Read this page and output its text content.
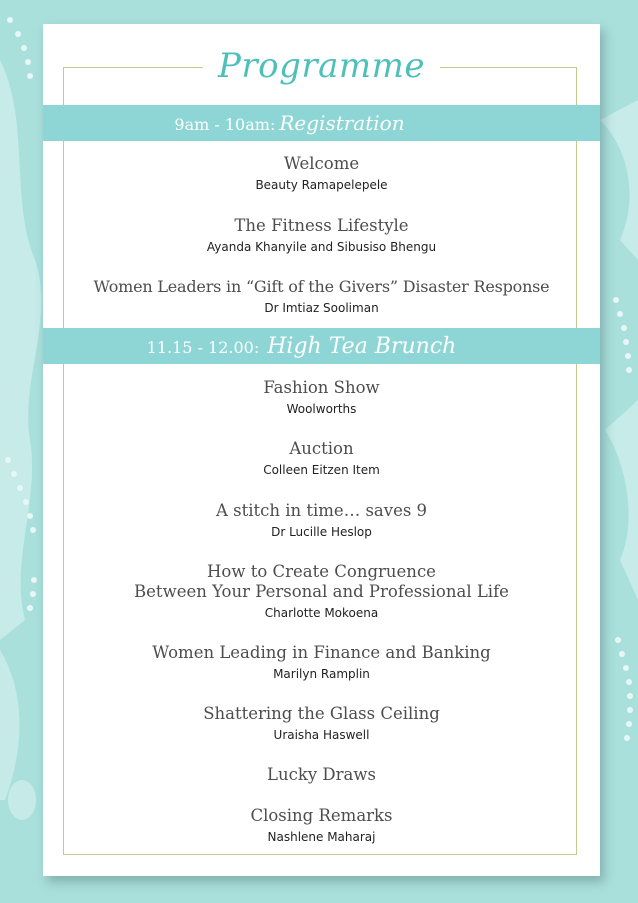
Programme
9am - 10am: Registration
Welcome
Beauty Ramapelepele
The Fitness Lifestyle
Ayanda Khanyile and Sibusiso Bhengu
Women Leaders in “Gift of the Givers” Disaster Response
Dr Imtiaz Sooliman
11.15 - 12.00: High Tea Brunch
Fashion Show
Woolworths
Auction
Colleen Eitzen Item
A stitch in time… saves 9
Dr Lucille Heslop
How to Create Congruence
Between Your Personal and Professional Life
Charlotte Mokoena
Women Leading in Finance and Banking
Marilyn Ramplin
Shattering the Glass Ceiling
Uraisha Haswell
Lucky Draws
Closing Remarks
Nashlene Maharaj
